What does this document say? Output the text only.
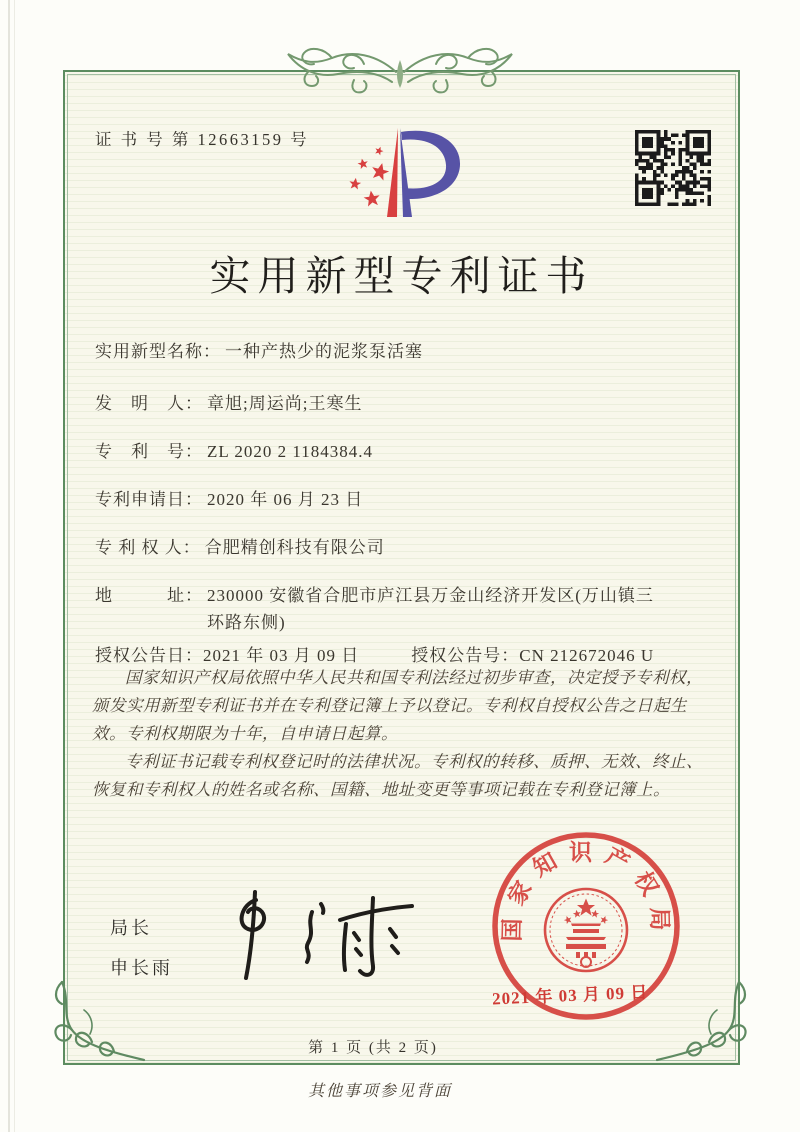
证 书 号 第 12663159 号
实用新型专利证书
实用新型名称： 一种产热少的泥浆泵活塞
发　明　人： 章旭;周运尚;王寒生
专　利　号： ZL 2020 2 1184384.4
专利申请日： 2020 年 06 月 23 日
专 利 权 人： 合肥精创科技有限公司
地　　　址： 230000 安徽省合肥市庐江县万金山经济开发区(万山镇三环路东侧)
授权公告日： 2021 年 03 月 09 日	授权公告号： CN 212672046 U

国家知识产权局依照中华人民共和国专利法经过初步审查，决定授予专利权，颁发实用新型专利证书并在专利登记簿上予以登记。专利权自授权公告之日起生效。专利权期限为十年，自申请日起算。

专利证书记载专利权登记时的法律状况。专利权的转移、质押、无效、终止、恢复和专利权人的姓名或名称、国籍、地址变更等事项记载在专利登记簿上。

局长
申长雨
国家知识产权局
2021 年 03 月 09 日
第 1 页 (共 2 页)
其他事项参见背面
